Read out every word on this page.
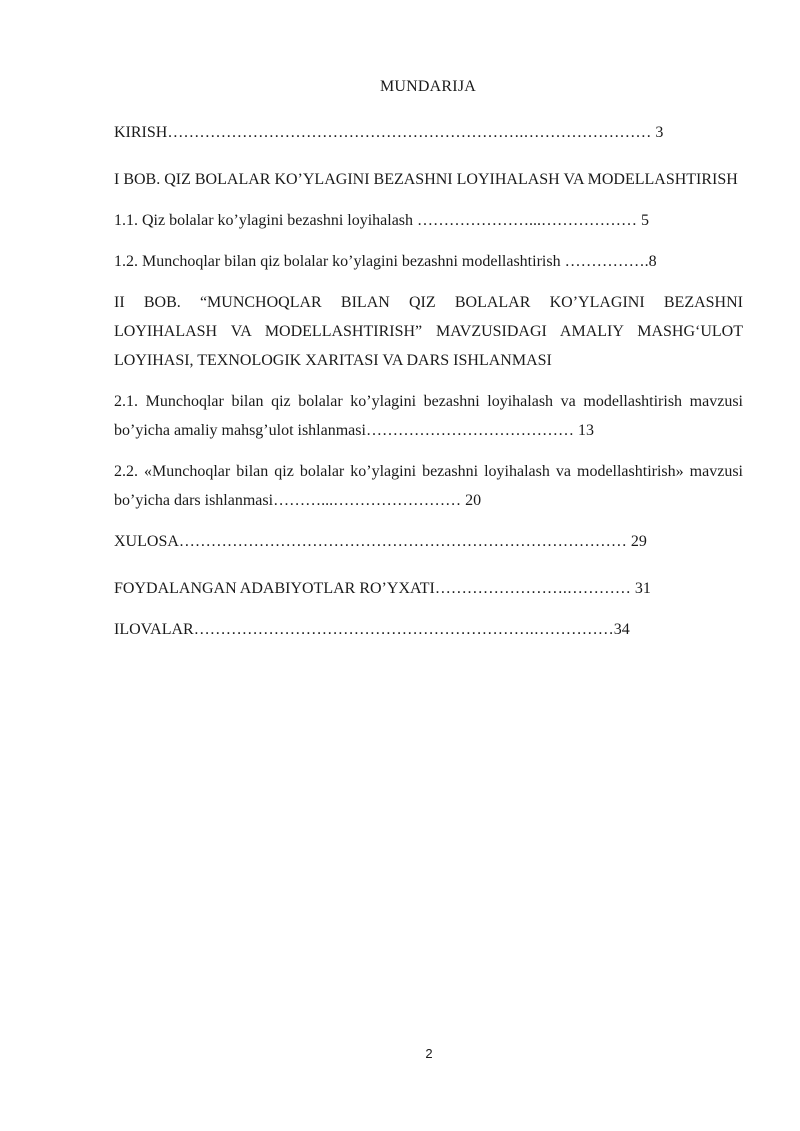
MUNDARIJA

KIRISH………………………………………………………….…………………… 3

I BOB. QIZ BOLALAR KO’YLAGINI BEZASHNI LOYIHALASH VA MODELLASHTIRISH

1.1. Qiz bolalar ko’ylagini bezashni loyihalash …………………...……………… 5

1.2. Munchoqlar bilan qiz bolalar ko’ylagini bezashni modellashtirish …………….8

II BOB. “MUNCHOQLAR BILAN QIZ BOLALAR KO’YLAGINI BEZASHNI LOYIHALASH VA MODELLASHTIRISH” MAVZUSIDAGI AMALIY MASHG‘ULOT LOYIHASI, TEXNOLOGIK XARITASI VA DARS ISHLANMASI

2.1. Munchoqlar bilan qiz bolalar ko’ylagini bezashni loyihalash va modellashtirish mavzusi bo’yicha amaliy mahsg’ulot ishlanmasi………………………………… 13

2.2. «Munchoqlar bilan qiz bolalar ko’ylagini bezashni loyihalash va modellashtirish» mavzusi bo’yicha dars ishlanmasi………...…………………… 20

XULOSA………………………………………………………………………… 29

FOYDALANGAN ADABIYOTLAR RO’YXATI…………………….………… 31

ILOVALAR……………………………………………………….……………34

2
